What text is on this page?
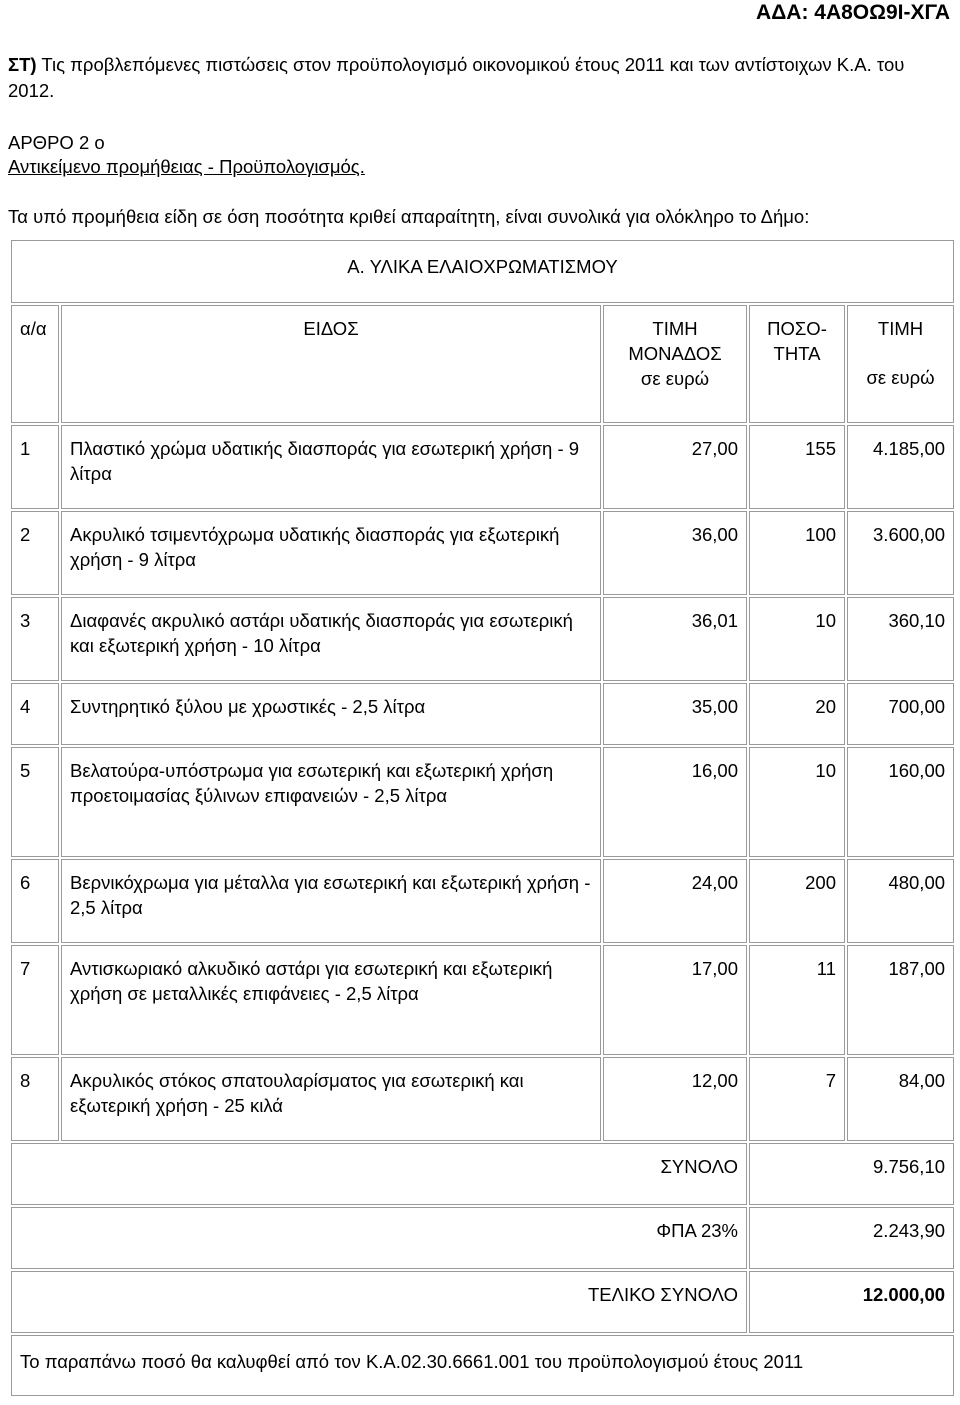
ΑΔΑ: 4Α8ΟΩ9Ι-ΧΓΑ
ΣΤ) Τις προβλεπόμενες πιστώσεις στον προϋπολογισμό οικονομικού έτους 2011 και των αντίστοιχων Κ.Α. του 2012.
ΑΡΘΡΟ 2 ο
Αντικείμενο προμήθειας - Προϋπολογισμός.
Τα υπό προμήθεια είδη σε όση ποσότητα κριθεί απαραίτητη, είναι συνολικά για ολόκληρο το Δήμο:
Α. ΥΛΙΚΑ ΕΛΑΙΟΧΡΩΜΑΤΙΣΜΟΥ				
α/α	ΕΙΔΟΣ	ΤΙΜΗ ΜΟΝΑΔΟΣ σε ευρώ	ΠΟΣΟ- ΤΗΤΑ	ΤΙΜΗ
σε ευρώ

1	Πλαστικό χρώμα υδατικής διασποράς για εσωτερική χρήση - 9 λίτρα	27,00	155	4.185,00
2	Ακρυλικό τσιμεντόχρωμα υδατικής διασποράς για εξωτερική χρήση - 9 λίτρα	36,00	100	3.600,00
3	Διαφανές ακρυλικό αστάρι υδατικής διασποράς για εσωτερική και εξωτερική χρήση - 10 λίτρα	36,01	10	360,10
4	Συντηρητικό ξύλου με χρωστικές - 2,5 λίτρα	35,00	20	700,00
5	Βελατούρα-υπόστρωμα για εσωτερική και εξωτερική χρήση προετοιμασίας ξύλινων επιφανειών - 2,5 λίτρα	16,00	10	160,00
6	Βερνικόχρωμα για μέταλλα για εσωτερική και εξωτερική χρήση - 2,5 λίτρα	24,00	200	480,00
7	Αντισκωριακό αλκυδικό αστάρι για εσωτερική και εξωτερική χρήση σε μεταλλικές επιφάνειες - 2,5 λίτρα	17,00	11	187,00
8	Ακρυλικός στόκος σπατουλαρίσματος για εσωτερική και εξωτερική χρήση - 25 κιλά	12,00	7	84,00
ΣΥΝΟΛΟ			9.756,10	
ΦΠΑ 23%			2.243,90	
ΤΕΛΙΚΟ ΣΥΝΟΛΟ			12.000,00	
Το παραπάνω ποσό θα καλυφθεί από τον Κ.Α.02.30.6661.001 του προϋπολογισμού έτους 2011				
